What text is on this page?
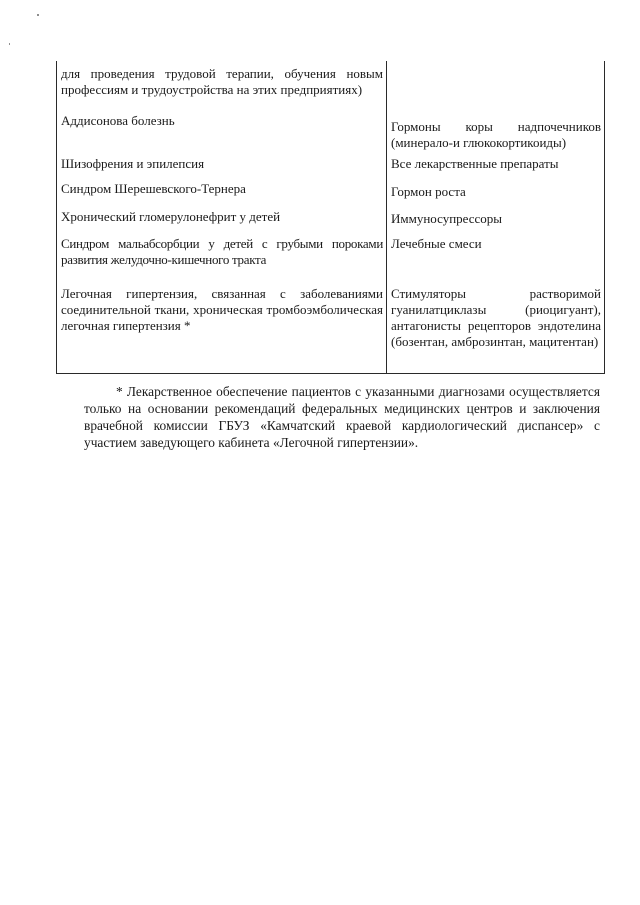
для проведения трудовой терапии, обучения новым профессиям и трудоустройства на этих предприятиях)	

Аддисонова болезнь	Гормоны коры надпочечников (минерало-и глюкокортикоиды)

Шизофрения и эпилепсия	Все лекарственные препараты

Синдром Шерешевского-Тернера	Гормон роста

Хронический гломерулонефрит у детей	Иммуносупрессоры

Синдром мальабсорбции у детей с грубыми пороками развития желудочно-кишечного тракта	Лечебные смеси

Легочная гипертензия, связанная с заболеваниями соединительной ткани, хроническая тромбоэмболическая легочная гипертензия *	Стимуляторы растворимой гуанилатциклазы (риоцигуант), антагонисты рецепторов эндотелина (бозентан, амброзинтан, мацитентан)

* Лекарственное обеспечение пациентов с указанными диагнозами осуществляется только на основании рекомендаций федеральных медицинских центров и заключения врачебной комиссии ГБУЗ «Камчатский краевой кардиологический диспансер» с участием заведующего кабинета «Легочной гипертензии».
